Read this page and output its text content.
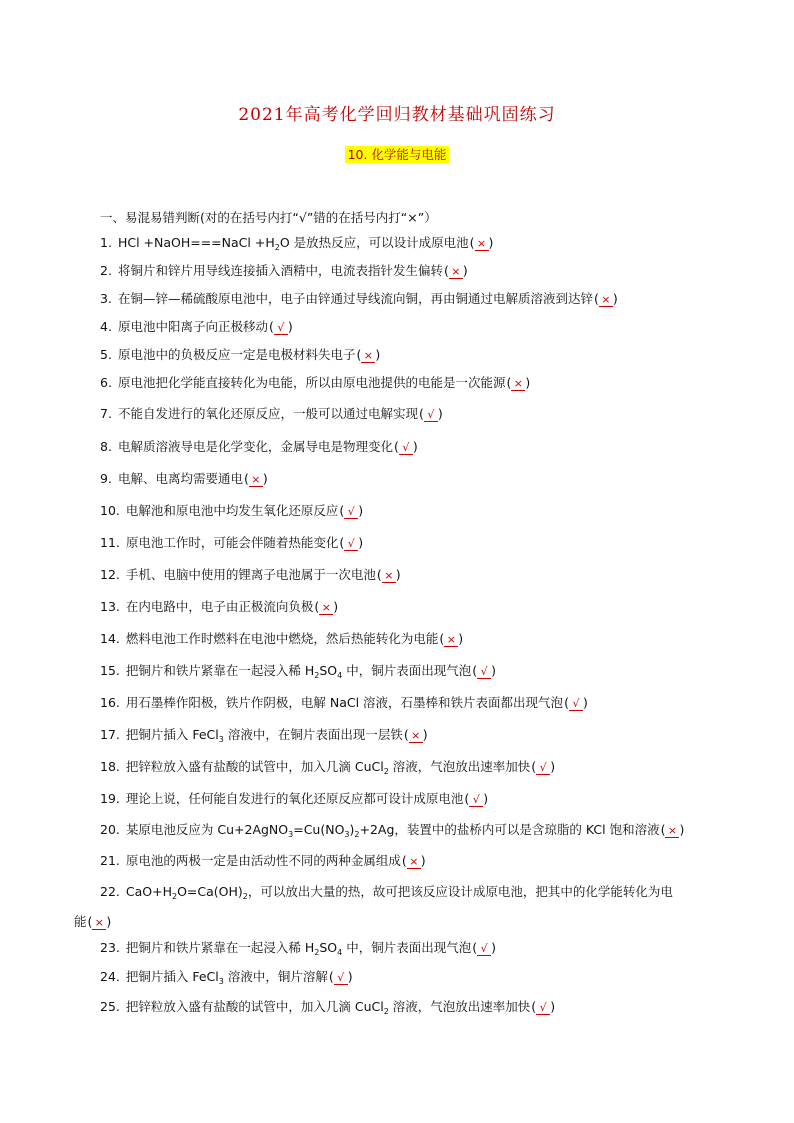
2021年高考化学回归教材基础巩固练习
10. 化学能与电能
一、易混易错判断(对的在括号内打“√”错的在括号内打“×”）
1. HCl +NaOH===NaCl $+H_2O$ 是放热反应，可以设计成原电池( × )
2. 将铜片和锌片用导线连接插入酒精中，电流表指针发生偏转( × )
3. 在铜—锌—稀硫酸原电池中，电子由锌通过导线流向铜，再由铜通过电解质溶液到达锌( × )
4. 原电池中阳离子向正极移动( √ )
5. 原电池中的负极反应一定是电极材料失电子( × )
6. 原电池把化学能直接转化为电能，所以由原电池提供的电能是一次能源( × )
7. 不能自发进行的氧化还原反应，一般可以通过电解实现( √ )
8. 电解质溶液导电是化学变化，金属导电是物理变化( √ )
9. 电解、电离均需要通电( × )
10. 电解池和原电池中均发生氧化还原反应( √ )
11. 原电池工作时，可能会伴随着热能变化( √ )
12. 手机、电脑中使用的锂离子电池属于一次电池( × )
13. 在内电路中，电子由正极流向负极( × )
14. 燃料电池工作时燃料在电池中燃烧，然后热能转化为电能( × )
15. 把铜片和铁片紧靠在一起浸入稀 $H_2SO_4$ 中，铜片表面出现气泡( √ )
16. 用石墨棒作阳极，铁片作阴极，电解 NaCl 溶液，石墨棒和铁片表面都出现气泡( √ )
17. 把铜片插入 FeCl$_3$ 溶液中，在铜片表面出现一层铁( × )
18. 把锌粒放入盛有盐酸的试管中，加入几滴 CuCl$_2$ 溶液，气泡放出速率加快( √ )
19. 理论上说，任何能自发进行的氧化还原反应都可设计成原电池( √ )
20. 某原电池反应为 $Cu+2AgNO_3=Cu(NO_3)_2+2Ag$，装置中的盐桥内可以是含琼脂的 KCl 饱和溶液( × )
21. 原电池的两极一定是由活动性不同的两种金属组成( × )
22. $CaO+H_2O=Ca(OH)_2$，可以放出大量的热，故可把该反应设计成原电池，把其中的化学能转化为电
能( × )
23. 把铜片和铁片紧靠在一起浸入稀 $H_2SO_4$ 中，铜片表面出现气泡( √ )
24. 把铜片插入 FeCl$_3$ 溶液中，铜片溶解( √ )
25. 把锌粒放入盛有盐酸的试管中，加入几滴 CuCl$_2$ 溶液，气泡放出速率加快( √ )
